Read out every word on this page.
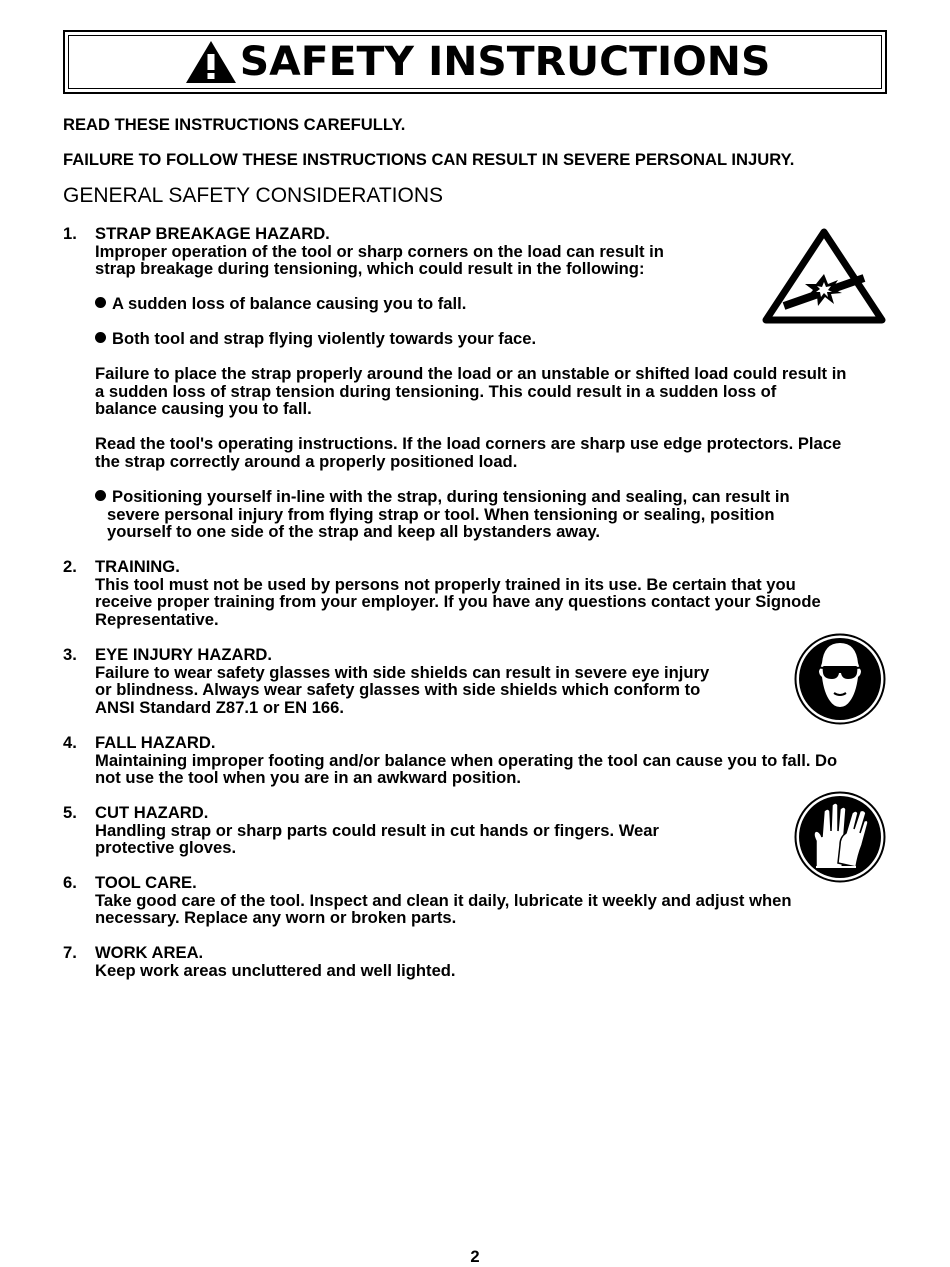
SAFETY INSTRUCTIONS
READ THESE INSTRUCTIONS CAREFULLY.
FAILURE TO FOLLOW THESE INSTRUCTIONS CAN RESULT IN SEVERE PERSONAL INJURY.
GENERAL SAFETY CONSIDERATIONS
1. STRAP BREAKAGE HAZARD.
Improper operation of the tool or sharp corners on the load can result in
strap breakage during tensioning, which could result in the following:
A sudden loss of balance causing you to fall.
Both tool and strap flying violently towards your face.
Failure to place the strap properly around the load or an unstable or shifted load could result in
a sudden loss of strap tension during tensioning. This could result in a sudden loss of
balance causing you to fall.
Read the tool's operating instructions. If the load corners are sharp use edge protectors. Place
the strap correctly around a properly positioned load.
Positioning yourself in-line with the strap, during tensioning and sealing, can result in
severe personal injury from flying strap or tool. When tensioning or sealing, position
yourself to one side of the strap and keep all bystanders away.
2. TRAINING.
This tool must not be used by persons not properly trained in its use. Be certain that you
receive proper training from your employer. If you have any questions contact your Signode
Representative.
3. EYE INJURY HAZARD.
Failure to wear safety glasses with side shields can result in severe eye injury
or blindness. Always wear safety glasses with side shields which conform to
ANSI Standard Z87.1 or EN 166.
4. FALL HAZARD.
Maintaining improper footing and/or balance when operating the tool can cause you to fall. Do
not use the tool when you are in an awkward position.
5. CUT HAZARD.
Handling strap or sharp parts could result in cut hands or fingers. Wear
protective gloves.
6. TOOL CARE.
Take good care of the tool. Inspect and clean it daily, lubricate it weekly and adjust when
necessary. Replace any worn or broken parts.
7. WORK AREA.
Keep work areas uncluttered and well lighted.
2
